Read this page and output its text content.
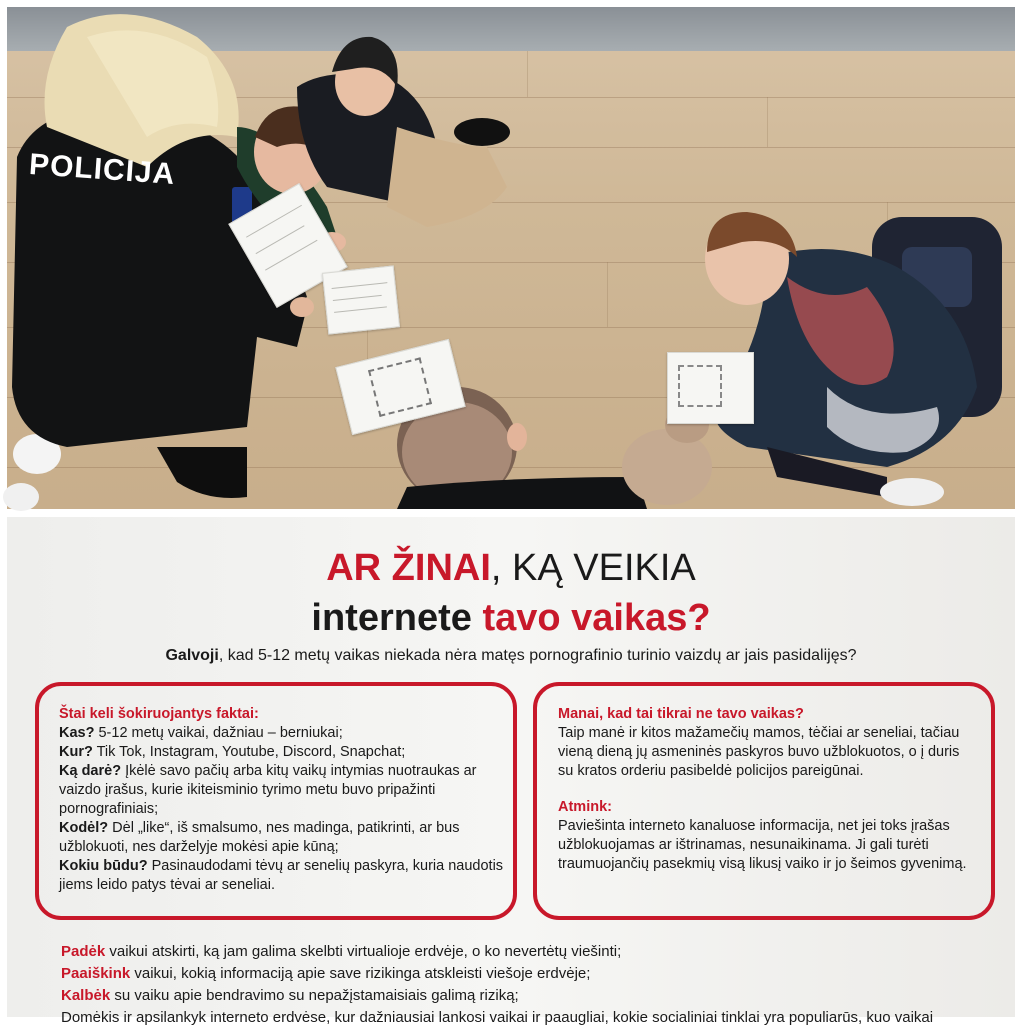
POLICIJA
AR ŽINAI, KĄ VEIKIA
internete tavo vaikas?
Galvoji, kad 5-12 metų vaikas niekada nėra matęs pornografinio turinio vaizdų ar jais pasidalijęs?
Štai keli šokiruojantys faktai:
Kas? 5-12 metų vaikai, dažniau – berniukai;
Kur? Tik Tok, Instagram, Youtube, Discord, Snapchat;
Ką darė? Įkėlė savo pačių arba kitų vaikų intymias nuotraukas ar vaizdo įrašus, kurie ikiteisminio tyrimo metu buvo pripažinti pornografiniais;
Kodėl? Dėl „like“, iš smalsumo, nes madinga, patikrinti, ar bus užblokuoti, nes darželyje mokėsi apie kūną;
Kokiu būdu? Pasinaudodami tėvų ar senelių paskyra, kuria naudotis jiems leido patys tėvai ar seneliai.
Manai, kad tai tikrai ne tavo vaikas?
Taip manė ir kitos mažamečių mamos, tėčiai ar seneliai, tačiau vieną dieną jų asmeninės paskyros buvo užblokuotos, o į duris su kratos orderiu pasibeldė policijos pareigūnai.
Atmink:
Paviešinta interneto kanaluose informacija, net jei toks įrašas užblokuojamas ar ištrinamas, nesunaikinama. Ji gali turėti traumuojančių pasekmių visą likusį vaiko ir jo šeimos gyvenimą.
Padėk vaikui atskirti, ką jam galima skelbti virtualioje erdvėje, o ko nevertėtų viešinti;
Paaiškink vaikui, kokią informaciją apie save rizikinga atskleisti viešoje erdvėje;
Kalbėk su vaiku apie bendravimo su nepažįstamaisiais galimą riziką;
Domėkis ir apsilankyk interneto erdvėse, kur dažniausiai lankosi vaikai ir paaugliai, kokie socialiniai tinklai yra populiarūs, kuo vaikai
